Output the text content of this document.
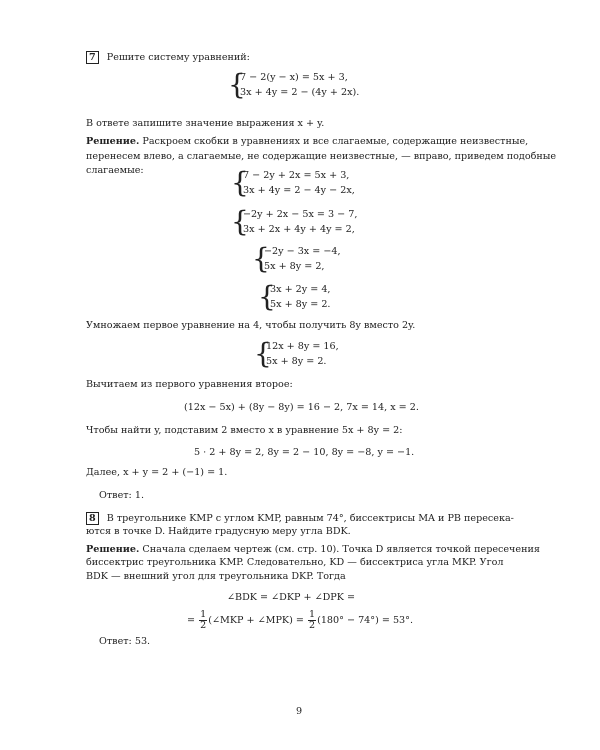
7 Решите систему уравнений:
{
7 − 2(y − x) = 5x + 3,
3x + 4y = 2 − (4y + 2x).
В ответе запишите значение выражения x + y.
Решение. Раскроем скобки в уравнениях и все слагаемые, содержащие неизвестные,
перенесем влево, а слагаемые, не содержащие неизвестные, — вправо, приведем подобные
слагаемые:	{
7 − 2y + 2x = 5x + 3,
3x + 4y = 2 − 4y − 2x,
{
−2y + 2x − 5x = 3 − 7,
3x + 2x + 4y + 4y = 2,
{
−2y − 3x = −4,
5x + 8y = 2,
{
3x + 2y = 4,
5x + 8y = 2.
Умножаем первое уравнение на 4, чтобы получить 8y вместо 2y.
{
12x + 8y = 16,
5x + 8y = 2.
Вычитаем из первого уравнения второе:
(12x − 5x) + (8y − 8y) = 16 − 2, 7x = 14, x = 2.
Чтобы найти y, подставим 2 вместо x в уравнение 5x + 8y = 2:
5 · 2 + 8y = 2, 8y = 2 − 10, 8y = −8, y = −1.
Далее, x + y = 2 + (−1) = 1.
Ответ: 1.
8 В треугольнике KMP с углом KMP, равным 74°, биссектрисы MA и PB пересека-
ются в точке D. Найдите градусную меру угла BDK.
Решение. Сначала сделаем чертеж (см. стр. 10). Точка D является точкой пересечения
биссектрис треугольника KMP. Следовательно, KD — биссектриса угла MKP. Угол
BDK — внешний угол для треугольника DKP. Тогда
∠BDK = ∠DKP + ∠DPK =
= $\frac{1}{2}$ (∠MKP + ∠MPK) = $\frac{1}{2} (180^\circ - 74^\circ) = 53^\circ$.
Ответ: 53.
9
